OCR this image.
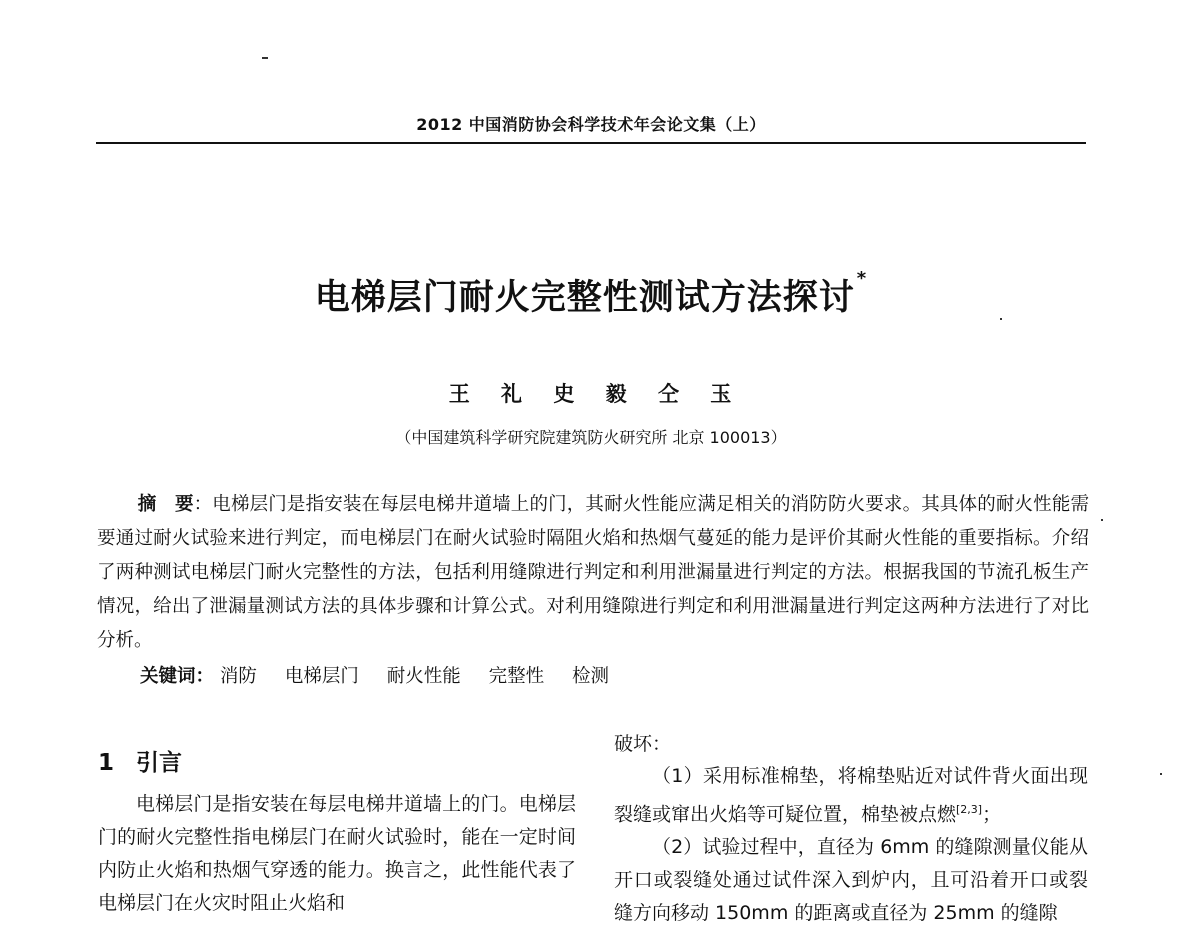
2012 中国消防协会科学技术年会论文集（上）
电梯层门耐火完整性测试方法探讨 *
王 礼 史 毅 仝 玉
（中国建筑科学研究院建筑防火研究所 北京 100013）

摘　要：电梯层门是指安装在每层电梯井道墙上的门，其耐火性能应满足相关的消防防火要求。其具体的耐火性能需要通过耐火试验来进行判定，而电梯层门在耐火试验时隔阻火焰和热烟气蔓延的能力是评价其耐火性能的重要指标。介绍了两种测试电梯层门耐火完整性的方法，包括利用缝隙进行判定和利用泄漏量进行判定的方法。根据我国的节流孔板生产情况，给出了泄漏量测试方法的具体步骤和计算公式。对利用缝隙进行判定和利用泄漏量进行判定这两种方法进行了对比分析。

关键词： 消防 电梯层门 耐火性能 完整性 检测
1 引言

电梯层门是指安装在每层电梯井道墙上的门。电梯层门的耐火完整性指电梯层门在耐火试验时，能在一定时间内防止火焰和热烟气穿透的能力。换言之，此性能代表了电梯层门在火灾时阻止火焰和

破坏：

（1）采用标准棉垫，将棉垫贴近对试件背火面出现裂缝或窜出火焰等可疑位置，棉垫被点燃[2,3]；

（2）试验过程中，直径为 6mm 的缝隙测量仪能从开口或裂缝处通过试件深入到炉内，且可沿着开口或裂缝方向移动 150mm 的距离或直径为 25mm 的缝隙
